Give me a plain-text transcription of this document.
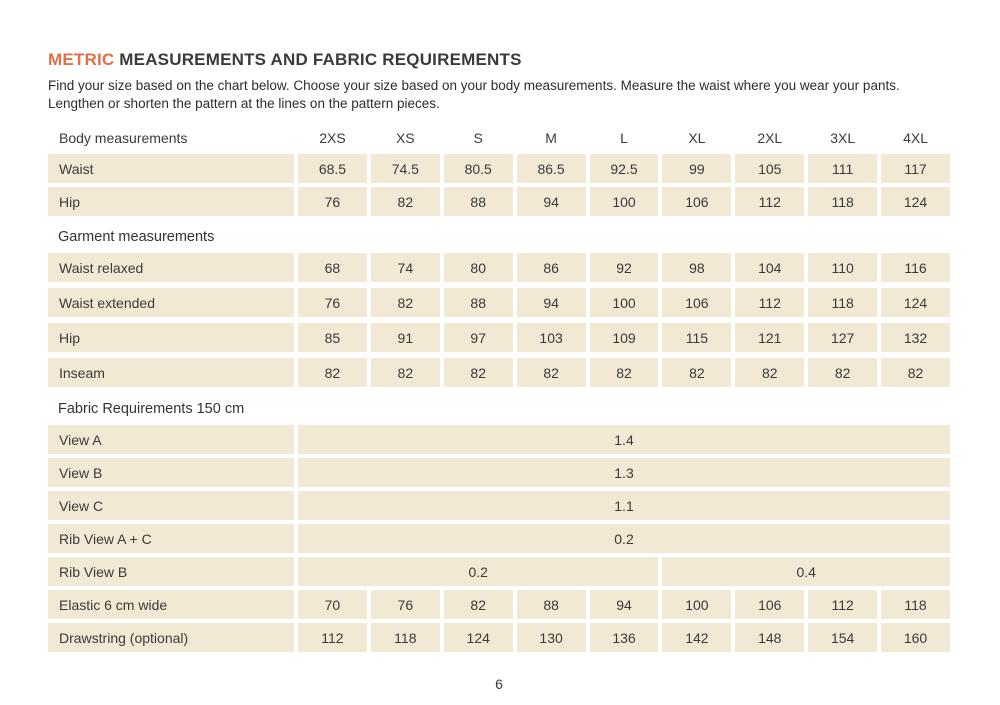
METRIC MEASUREMENTS AND FABRIC REQUIREMENTS

Find your size based on the chart below. Choose your size based on your body measurements. Measure the waist where you wear your pants. Lengthen or shorten the pattern at the lines on the pattern pieces.

Body measurements	2XS	XS	S	M	L	XL	2XL	3XL	4XL
Waist	68.5	74.5	80.5	86.5	92.5	99	105	111	117
Hip	76	82	88	94	100	106	112	118	124
Garment measurements
Waist relaxed	68	74	80	86	92	98	104	110	116
Waist extended	76	82	88	94	100	106	112	118	124
Hip	85	91	97	103	109	115	121	127	132
Inseam	82	82	82	82	82	82	82	82	82
Fabric Requirements 150 cm
View A	1.4
View B	1.3
View C	1.1
Rib View A + C	0.2
Rib View B	0.2	0.4
Elastic 6 cm wide	70	76	82	88	94	100	106	112	118
Drawstring (optional)	112	118	124	130	136	142	148	154	160
6
